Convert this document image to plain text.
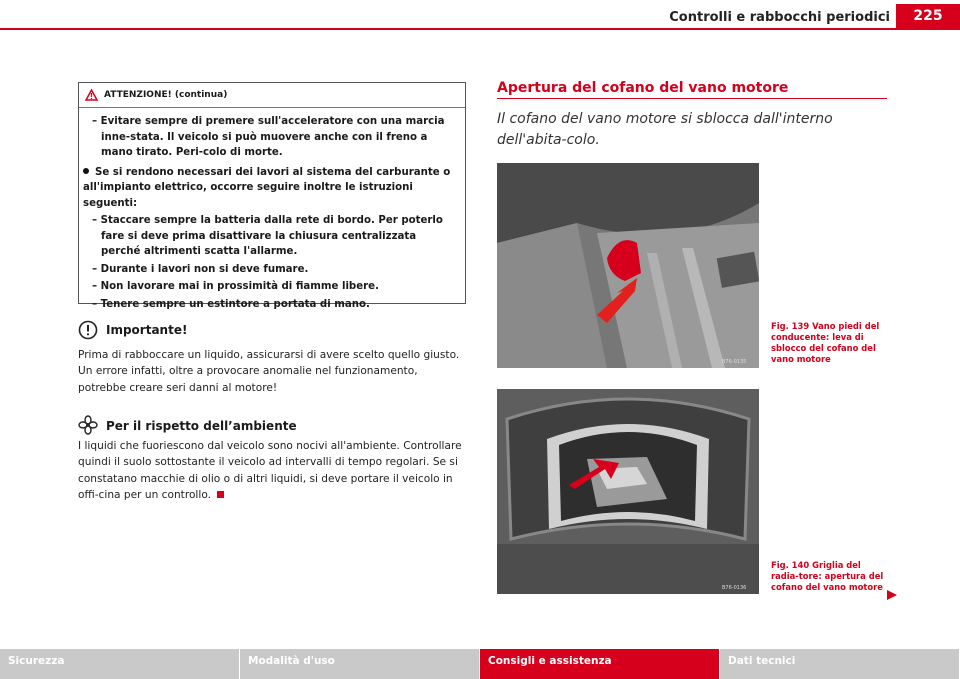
Controlli e rabbocchi periodici	225
ATTENZIONE! (continua)

– Evitare sempre di premere sull'acceleratore con una marcia inne-stata. Il veicolo si può muovere anche con il freno a mano tirato. Peri-colo di morte.

Se si rendono necessari dei lavori al sistema del carburante o all'impianto elettrico, occorre seguire inoltre le istruzioni seguenti:

– Staccare sempre la batteria dalla rete di bordo. Per poterlo fare si deve prima disattivare la chiusura centralizzata perché altrimenti scatta l'allarme.

– Durante i lavori non si deve fumare.

– Non lavorare mai in prossimità di fiamme libere.

– Tenere sempre un estintore a portata di mano.

Importante!
Prima di rabboccare un liquido, assicurarsi di avere scelto quello giusto. Un errore infatti, oltre a provocare anomalie nel funzionamento, potrebbe creare seri danni al motore!
Per il rispetto dell’ambiente
I liquidi che fuoriescono dal veicolo sono nocivi all'ambiente. Controllare quindi il suolo sottostante il veicolo ad intervalli di tempo regolari. Se si constatano macchie di olio o di altri liquidi, si deve portare il veicolo in offi-cina per un controllo.
Apertura del cofano del vano motore
Il cofano del vano motore si sblocca dall'interno dell'abita-colo.
B76-0135
Fig. 139 Vano piedi del conducente: leva di sblocco del cofano del vano motore
B76-0136
Fig. 140 Griglia del radia-tore: apertura del cofano del vano motore
Sicurezza	Modalità d'uso	Consigli e assistenza	Dati tecnici
